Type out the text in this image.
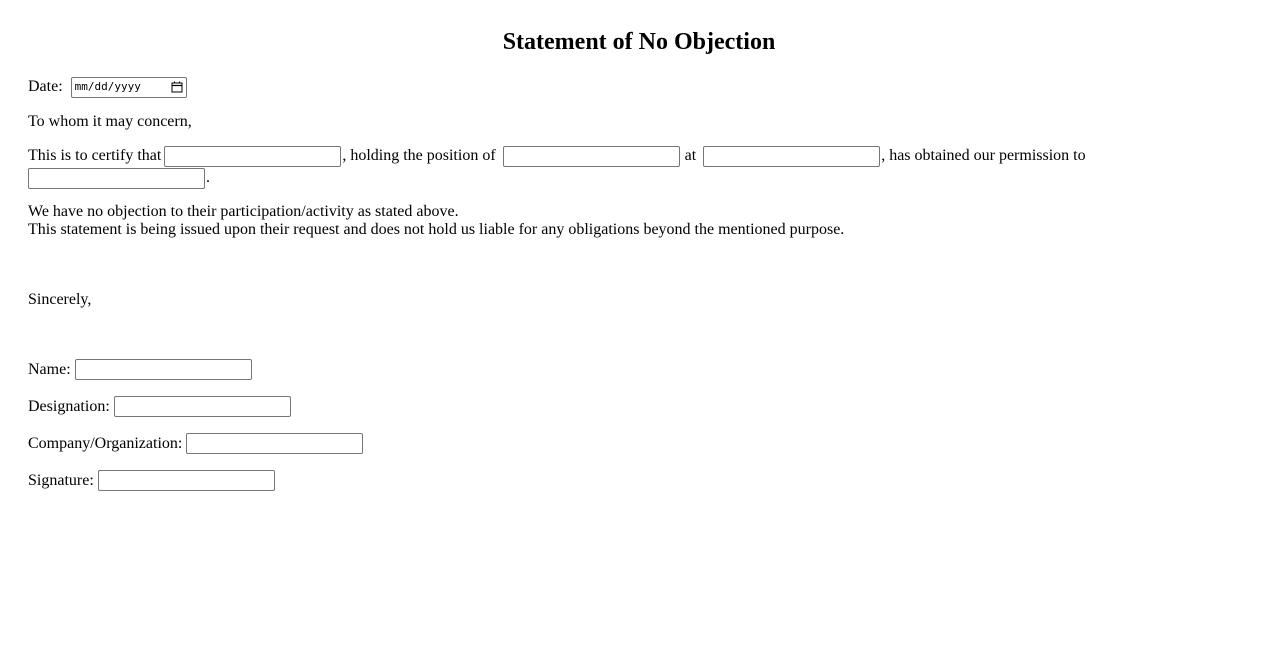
Statement of No Objection
Date: mm/dd/yyyy
To whom it may concern,
This is to certify that	, holding the position of	at	, has obtained our permission to
.
We have no objection to their participation/activity as stated above.
This statement is being issued upon their request and does not hold us liable for any obligations beyond the mentioned purpose.
Sincerely,
Name:
Designation:
Company/Organization:
Signature:
